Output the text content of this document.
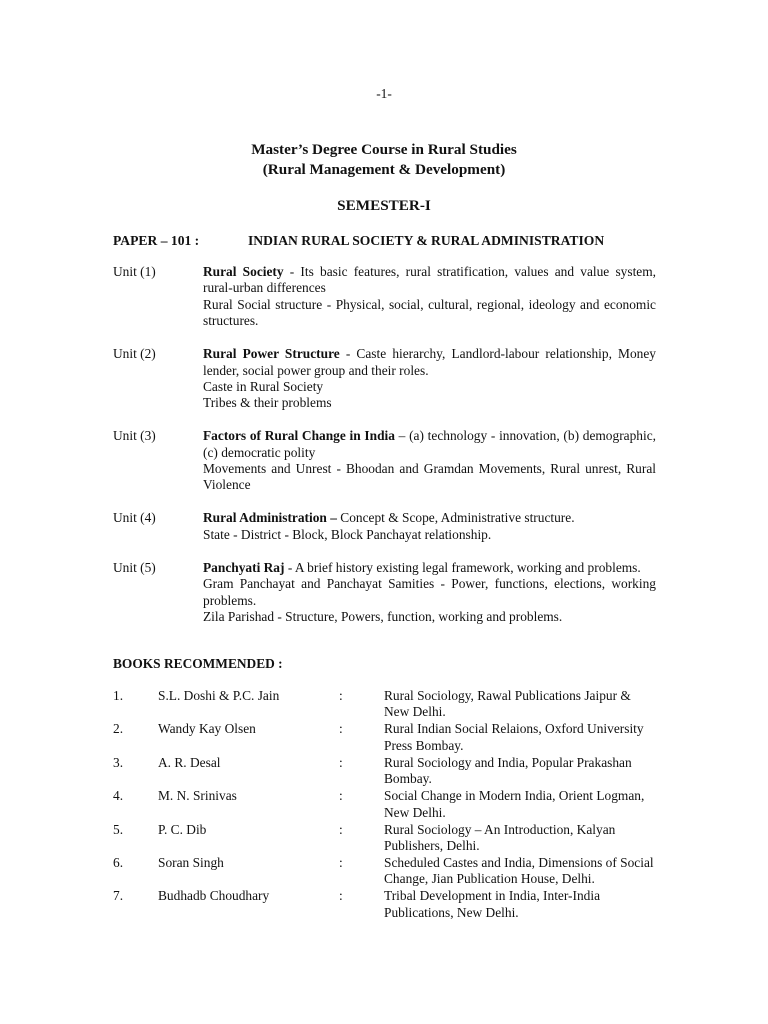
-1-
Master’s Degree Course in Rural Studies
(Rural Management & Development)
SEMESTER-I
PAPER – 101 :	INDIAN RURAL SOCIETY & RURAL ADMINISTRATION
Unit (1)	Rural Society - Its basic features, rural stratification, values and value system, rural-urban differences

Rural Social structure - Physical, social, cultural, regional, ideology and economic structures.

Unit (2)	Rural Power Structure - Caste hierarchy, Landlord-labour relationship, Money lender, social power group and their roles.

Caste in Rural Society

Tribes & their problems

Unit (3)	Factors of Rural Change in India – (a) technology - innovation, (b) demographic, (c) democratic polity

Movements and Unrest - Bhoodan and Gramdan Movements, Rural unrest, Rural Violence

Unit (4)	Rural Administration – Concept & Scope, Administrative structure.

State - District - Block, Block Panchayat relationship.

Unit (5)	Panchyati Raj - A brief history existing legal framework, working and problems.

Gram Panchayat and Panchayat Samities - Power, functions, elections, working problems.

Zila Parishad - Structure, Powers, function, working and problems.

BOOKS RECOMMENDED :
1.	S.L. Doshi & P.C. Jain	:	Rural Sociology, Rawal Publications Jaipur & New Delhi.
2.	Wandy Kay Olsen	:	Rural Indian Social Relaions, Oxford University Press Bombay.
3.	A. R. Desal	:	Rural Sociology and India, Popular Prakashan Bombay.
4.	M. N. Srinivas	:	Social Change in Modern India, Orient Logman, New Delhi.
5.	P. C. Dib	:	Rural Sociology – An Introduction, Kalyan Publishers, Delhi.
6.	Soran Singh	:	Scheduled Castes and India, Dimensions of Social Change, Jian Publication House, Delhi.
7.	Budhadb Choudhary	:	Tribal Development in India, Inter-India Publications, New Delhi.
